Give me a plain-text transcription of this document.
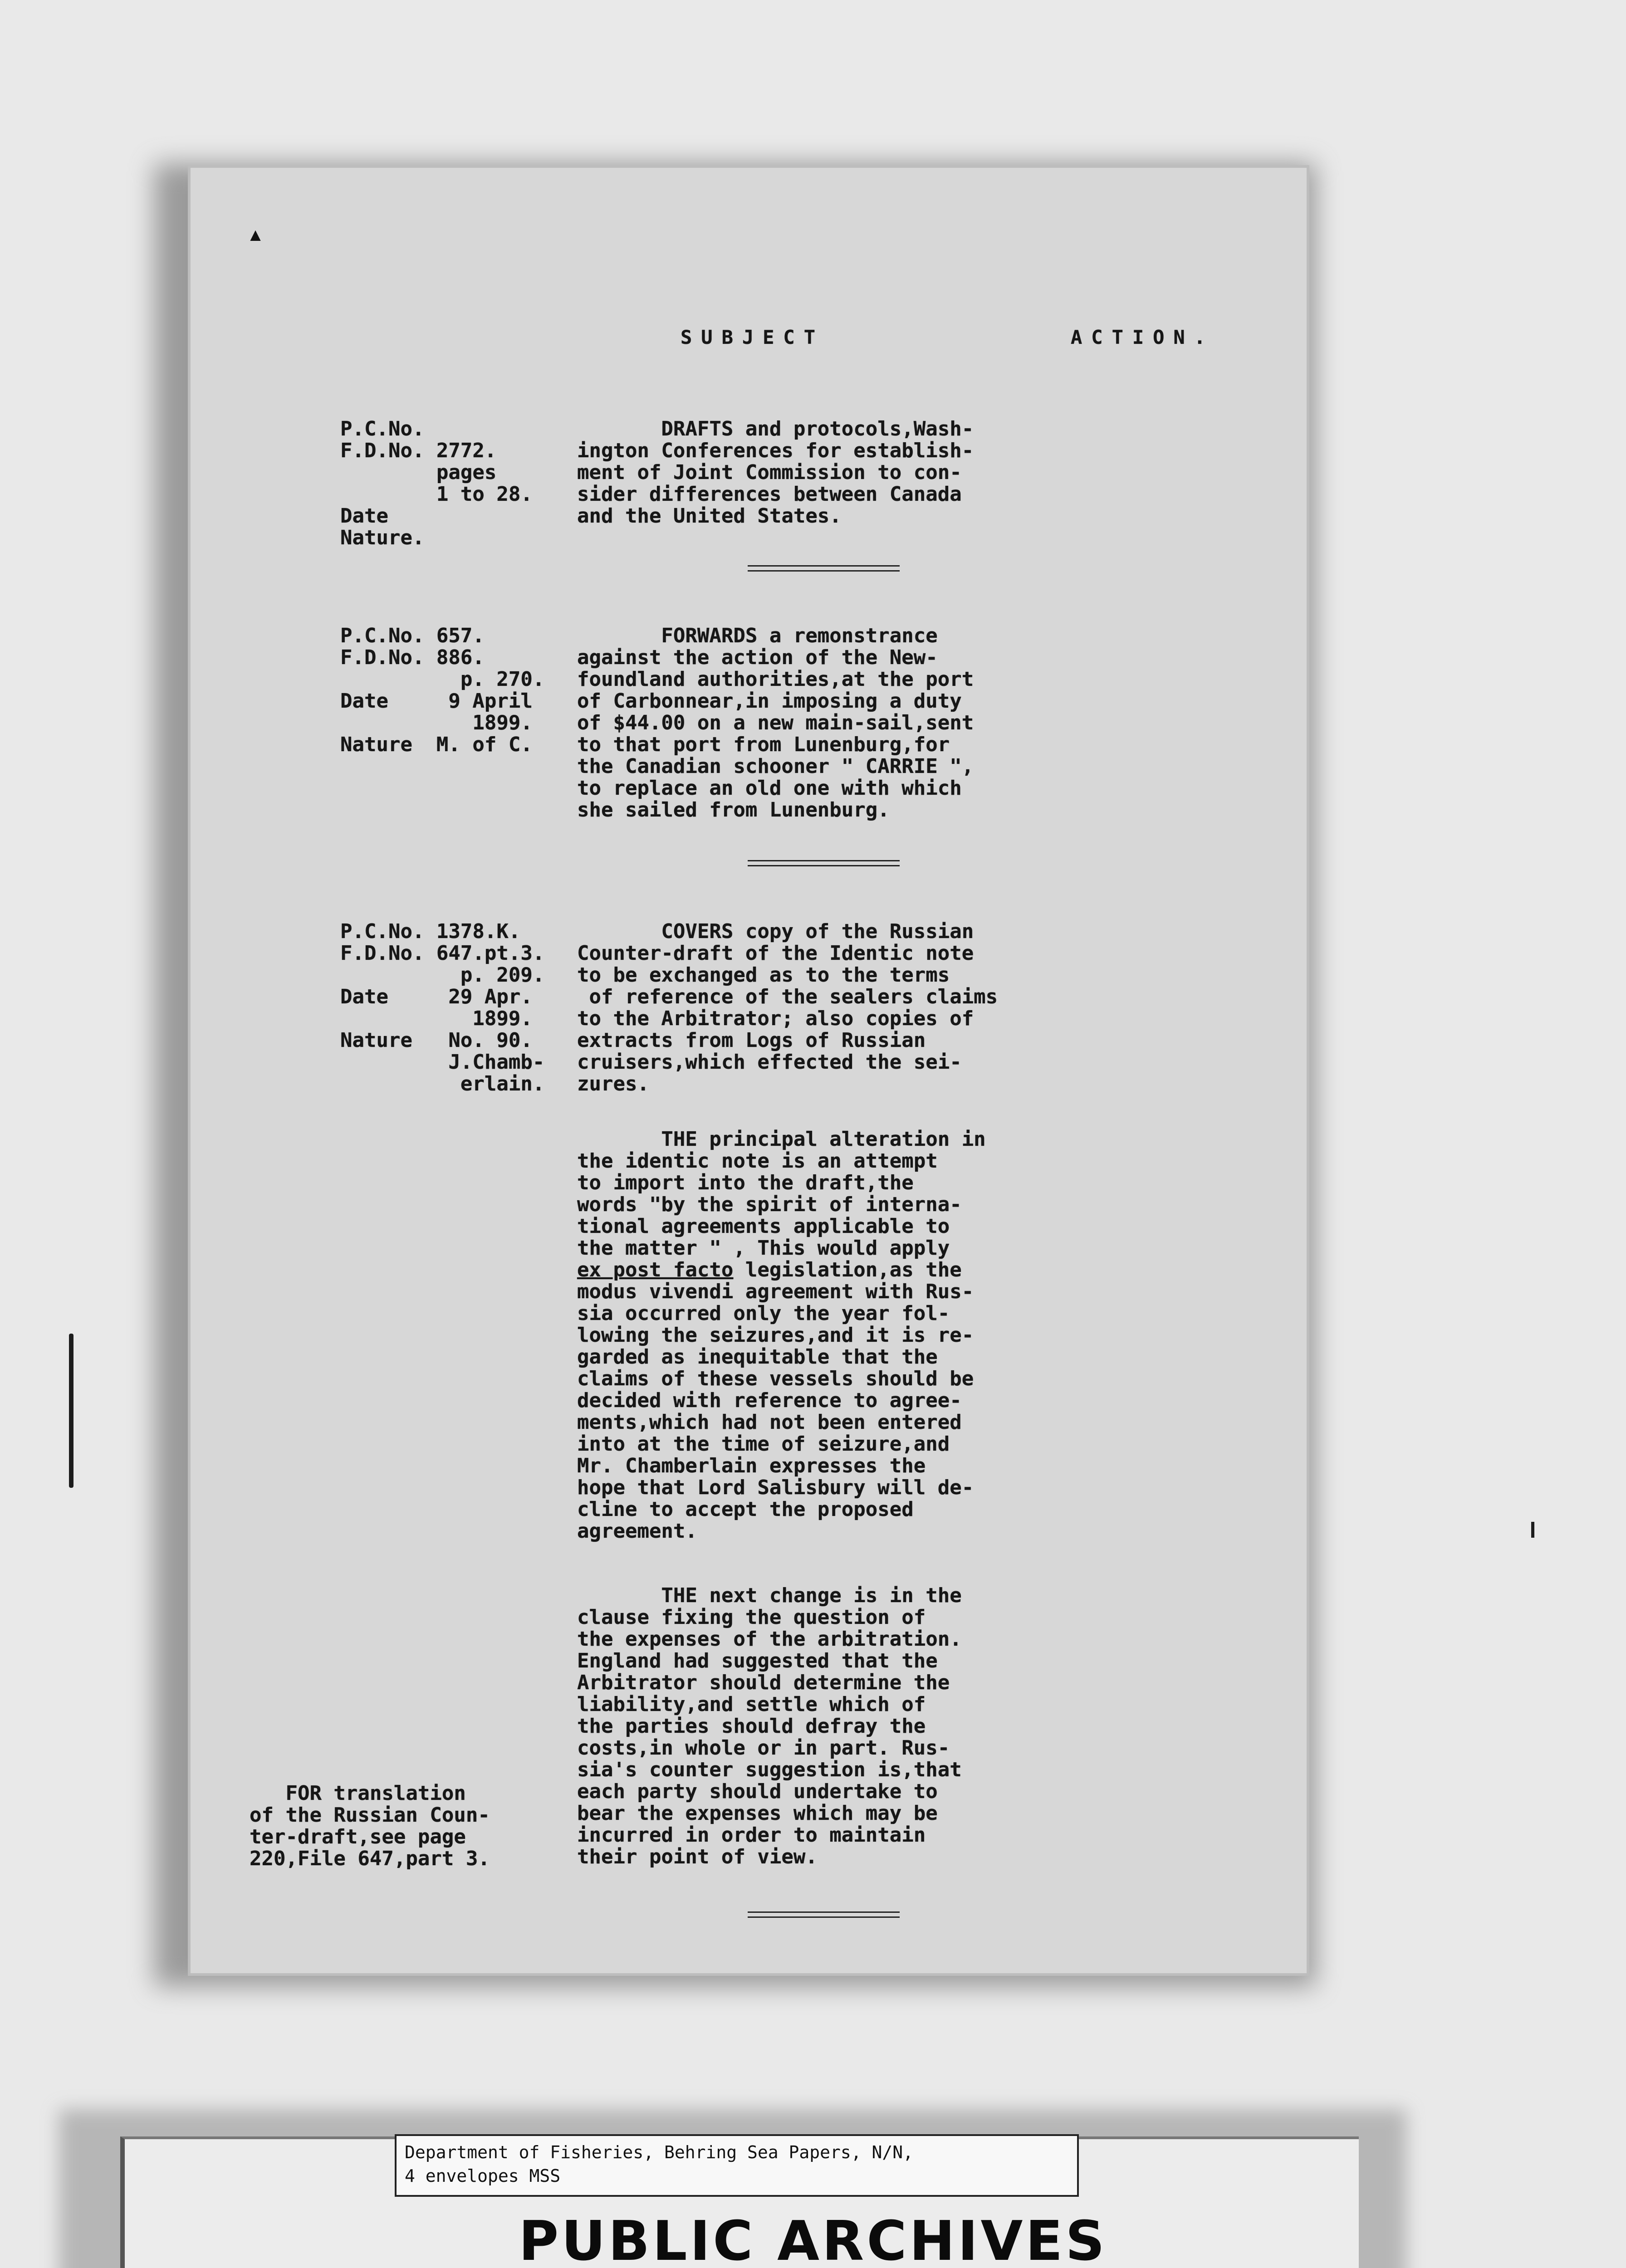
▴
SUBJECT	ACTION.
P.C.No.
F.D.No. 2772.
pages
1 to 28.
Date
Nature.
DRAFTS and protocols,Wash-
ington Conferences for establish-
ment of Joint Commission to con-
sider differences between Canada
and the United States.
P.C.No. 657.
F.D.No. 886.
p. 270.
Date     9 April
1899.
Nature  M. of C.
FORWARDS a remonstrance
against the action of the New-
foundland authorities,at the port
of Carbonnear,in imposing a duty
of $44.00 on a new main-sail,sent
to that port from Lunenburg,for
the Canadian schooner " CARRIE ",
to replace an old one with which
she sailed from Lunenburg.
P.C.No. 1378.K.
F.D.No. 647.pt.3.
p. 209.
Date     29 Apr.
1899.
Nature   No. 90.
J.Chamb-
erlain.
COVERS copy of the Russian
Counter-draft of the Identic note
to be exchanged as to the terms
of reference of the sealers claims
to the Arbitrator; also copies of
extracts from Logs of Russian
cruisers,which effected the sei-
zures.
THE principal alteration in
the identic note is an attempt
to import into the draft,the
words "by the spirit of interna-
tional agreements applicable to
the matter " , This would apply
ex post facto legislation,as the
modus vivendi agreement with Rus-
sia occurred only the year fol-
lowing the seizures,and it is re-
garded as inequitable that the
claims of these vessels should be
decided with reference to agree-
ments,which had not been entered
into at the time of seizure,and
Mr. Chamberlain expresses the
hope that Lord Salisbury will de-
cline to accept the proposed
agreement.
THE next change is in the
clause fixing the question of
the expenses of the arbitration.
England had suggested that the
Arbitrator should determine the
liability,and settle which of
the parties should defray the
costs,in whole or in part. Rus-
sia's counter suggestion is,that
each party should undertake to
bear the expenses which may be
incurred in order to maintain
their point of view.
FOR translation
of the Russian Coun-
ter-draft,see page
220,File 647,part 3.
Department of Fisheries, Behring Sea Papers, N/N,
4 envelopes MSS
PUBLIC ARCHIVES
